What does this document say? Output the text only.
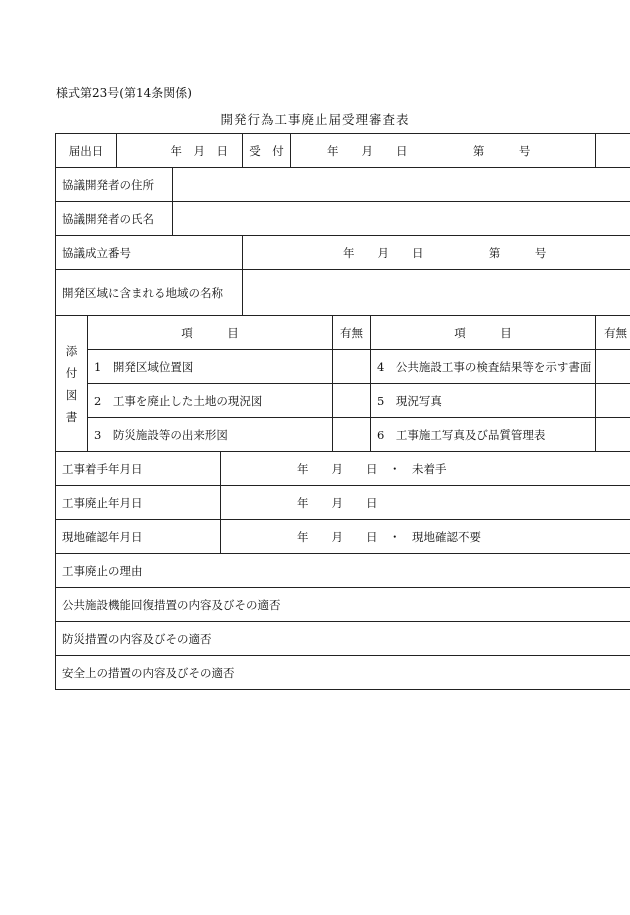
様式第23号(第14条関係)
開発行為工事廃止届受理審査表
届出日		年　月　日			受　付	年　　月　　日 第　　　号			
協議開発者の住所									
協議開発者の氏名									
協議成立番号					年　　月　　日 第　　　号				
開発区域に含まれる地域の名称									

添
付
図
書	項　　　目						有無	項　　　目	有無
	1　開発区域位置図							4　公共施設工事の検査結果等を示す書面	
	2　工事を廃止した土地の現況図							5　現況写真	
	3　防災施設等の出来形図							6　工事施工写真及び品質管理表	
工事着手年月日				年　　月　　日　・　未着手					
工事廃止年月日				年　　月　　日					
現地確認年月日				年　　月　　日　・　現地確認不要					
工事廃止の理由									
公共施設機能回復措置の内容及びその適否									
防災措置の内容及びその適否									
安全上の措置の内容及びその適否									
